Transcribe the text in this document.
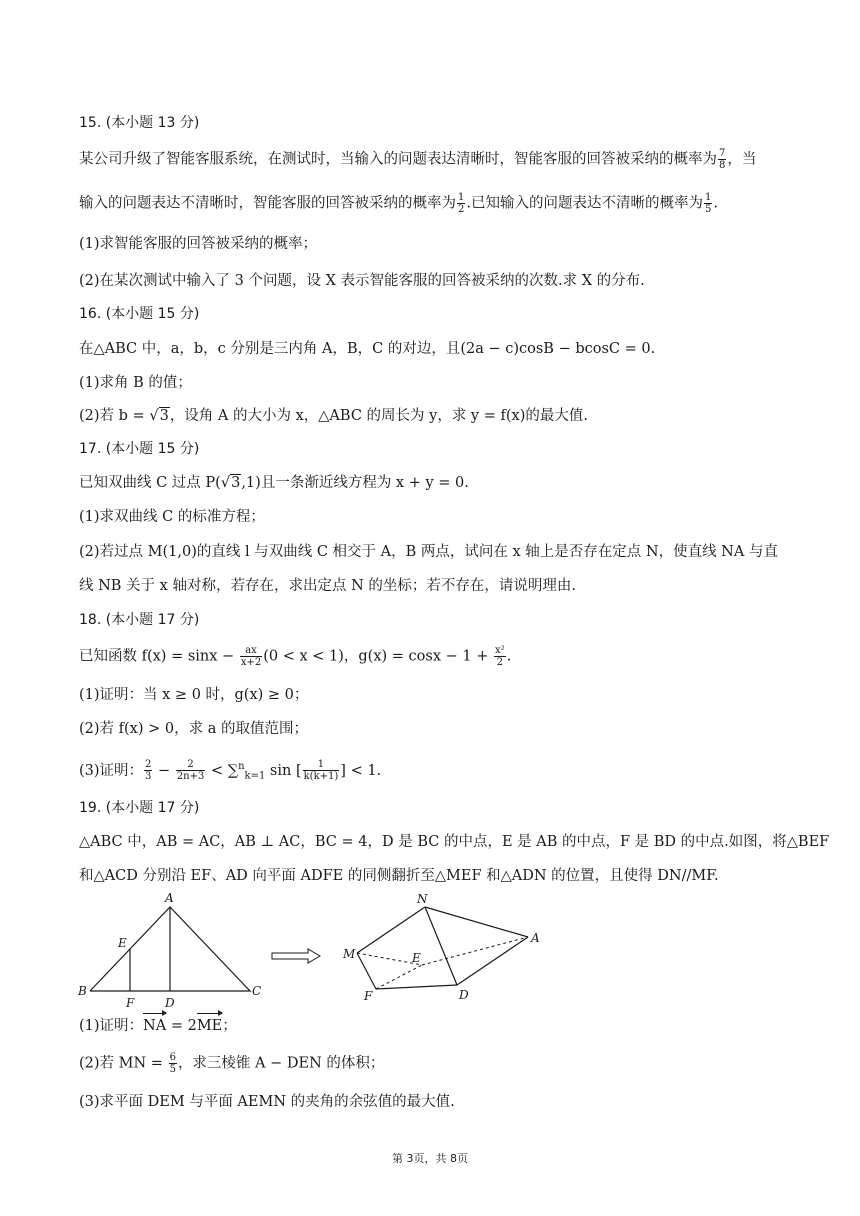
15. (本小题 13 分)
某公司升级了智能客服系统，在测试时，当输入的问题表达清晰时，智能客服的回答被采纳的概率为 $\frac{7}{8}$ ，当
输入的问题表达不清晰时，智能客服的回答被采纳的概率为 $\frac{1}{2}$ .已知输入的问题表达不清晰的概率为 $\frac{1}{5}$ .
(1)求智能客服的回答被采纳的概率；
(2)在某次测试中输入了 3 个问题，设 X 表示智能客服的回答被采纳的次数.求 X 的分布.
16. (本小题 15 分)
在△ABC 中，a，b，c 分别是三内角 A，B，C 的对边，且(2a − c)cosB − bcosC = 0.
(1)求角 B 的值；
(2)若 b = √3，设角 A 的大小为 x，△ABC 的周长为 y，求 y = f(x)的最大值.
17. (本小题 15 分)
已知双曲线 C 过点 P(√3,1)且一条渐近线方程为 x + y = 0.
(1)求双曲线 C 的标准方程；
(2)若过点 M(1,0)的直线 l 与双曲线 C 相交于 A，B 两点，试问在 x 轴上是否存在定点 N，使直线 NA 与直
线 NB 关于 x 轴对称，若存在，求出定点 N 的坐标；若不存在，请说明理由.
18. (本小题 17 分)
已知函数 $f(x) = \sin x - \frac{ax}{x+2} (0 < x < 1)$，$g(x) = \cos x - 1 + \frac{\text{x²}}{2}$ .
(1)证明：当 x ≥ 0 时，g(x) ≥ 0；
(2)若 f(x) > 0，求 a 的取值范围；
(3)证明： $\frac{2}{3} - \frac{2}{2n+3} < \sum^n_{k=1}$ sin [ $\frac{1}{k(k+1)}$ ] < 1.
19. (本小题 17 分)
△ABC 中，AB = AC，AB ⊥ AC，BC = 4，D 是 BC 的中点，E 是 AB 的中点，F 是 BD 的中点.如图，将△BEF
和△ACD 分别沿 EF、AD 向平面 ADFE 的同侧翻折至△MEF 和△ADN 的位置，且使得 DN//MF.
A
E
B
F	D
C
N
A
M	E
F	D
(1)证明：NA = 2ME；
(2)若 MN = $\frac{6}{5}$ ，求三棱锥 A − DEN 的体积；
(3)求平面 DEM 与平面 AEMN 的夹角的余弦值的最大值.
第 3页，共 8页
